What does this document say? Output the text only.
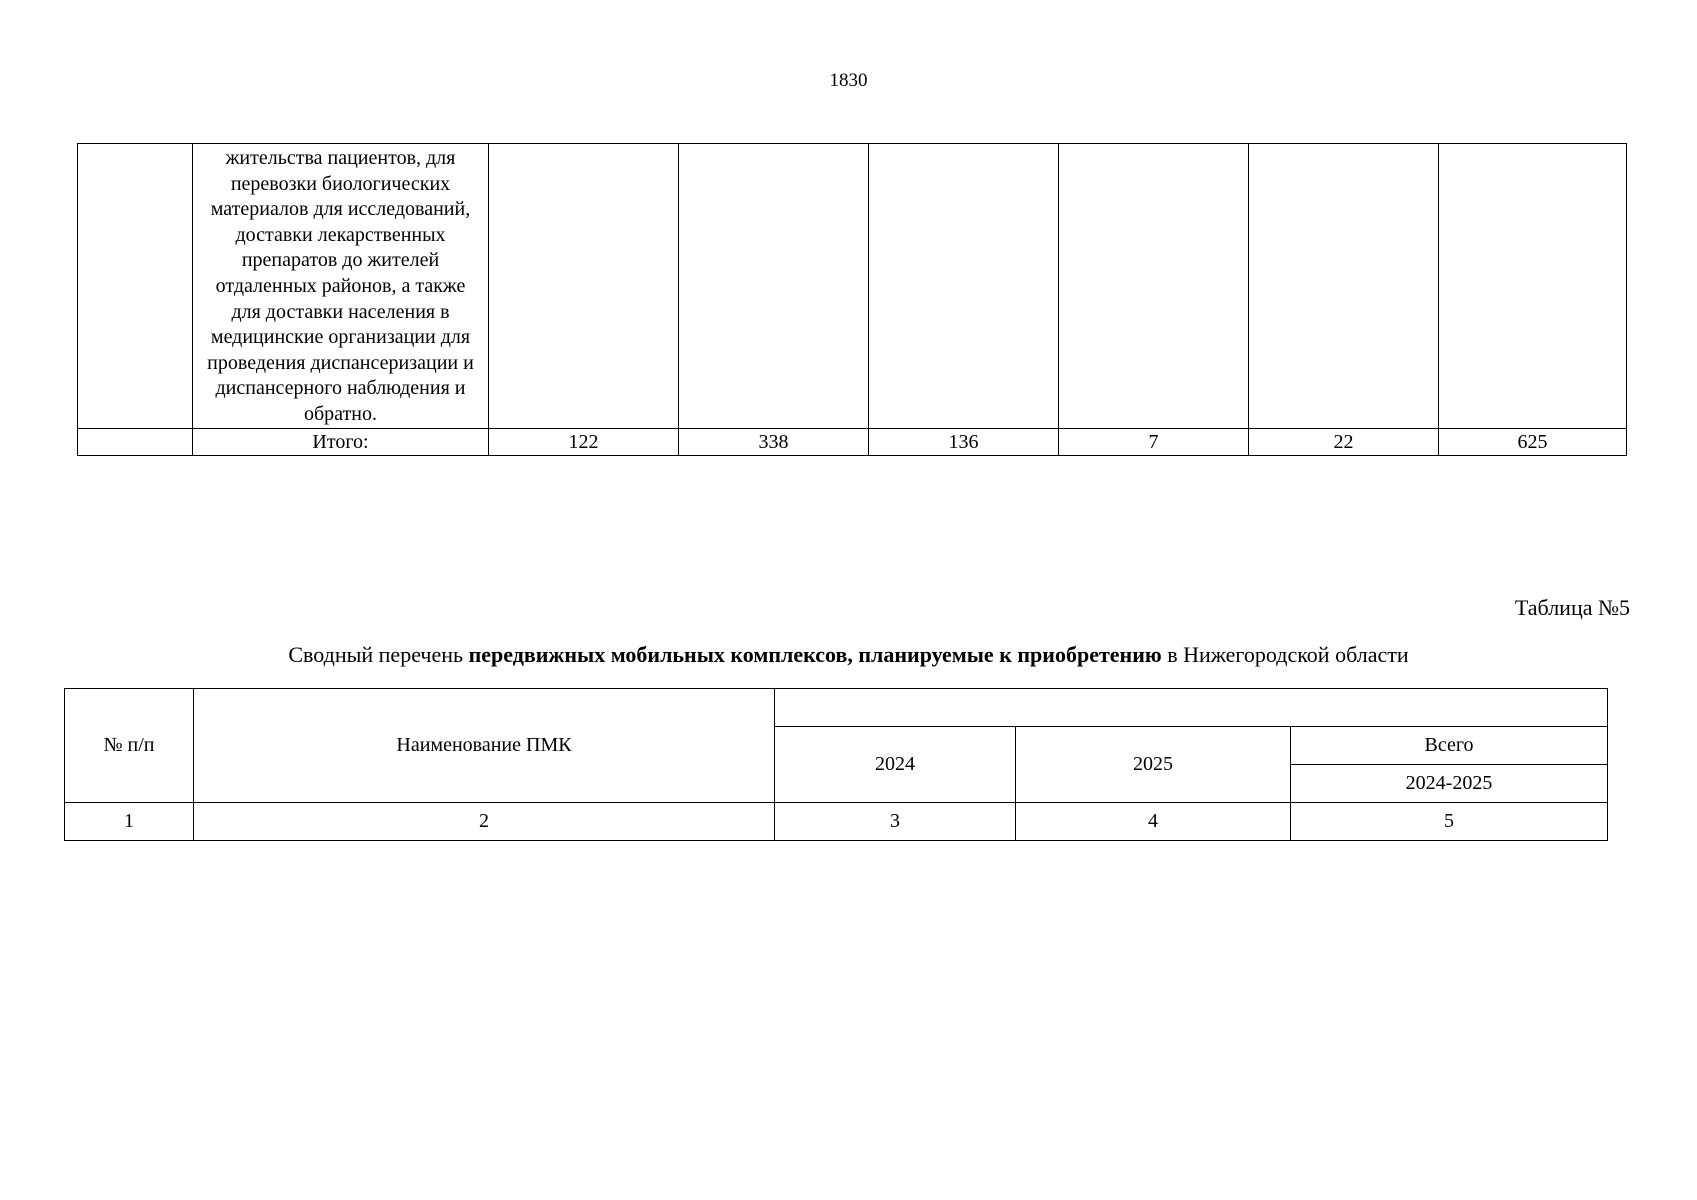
1830
	жительства пациентов, для перевозки биологических материалов для исследований, доставки лекарственных препаратов до жителей отдаленных районов, а также для доставки населения в медицинские организации для проведения диспансеризации и диспансерного наблюдения и обратно.						
	Итого:	122	338	136	7	22	625
Таблица №5
Сводный перечень передвижных мобильных комплексов, планируемые к приобретению в Нижегородской области
№ п/п	Наименование ПМК			
		2024	2025	Всего
				2024-2025
1	2	3	4	5
